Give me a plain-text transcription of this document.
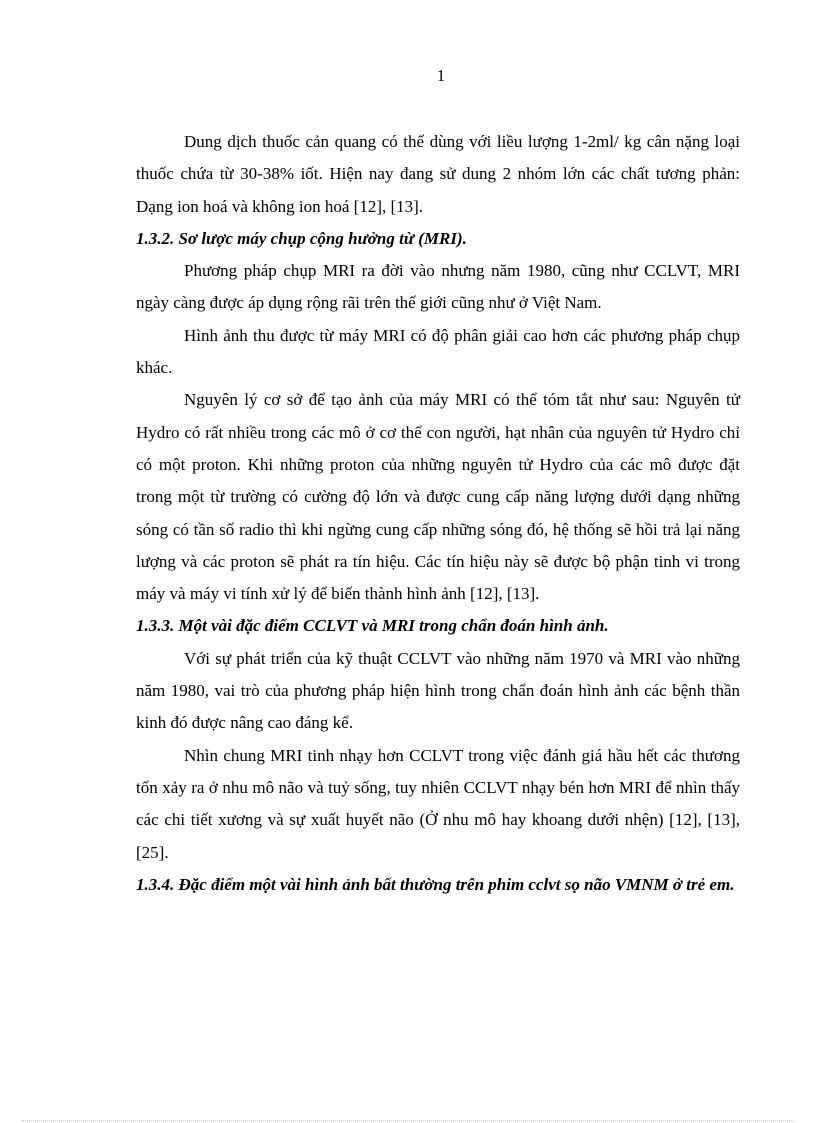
1

Dung dịch thuốc cản quang có thể dùng với liều lượng 1-2ml/ kg cân nặng loại thuốc chứa từ 30-38% iốt. Hiện nay đang sử dung 2 nhóm lớn các chất tương phản: Dạng ion hoá và không ion hoá [12], [13].

1.3.2. Sơ lược máy chụp cộng hưởng từ (MRI).

Phương pháp chụp MRI ra đời vào nhưng năm 1980, cũng như CCLVT, MRI ngày càng được áp dụng rộng rãi trên thế giới cũng như ở Việt Nam.

Hình ảnh thu được từ máy MRI có độ phân giải cao hơn các phương pháp chụp khác.

Nguyên lý cơ sở để tạo ảnh của máy MRI có thể tóm tắt như sau: Nguyên tử Hydro có rất nhiều trong các mô ở cơ thể con người, hạt nhân của nguyên tử Hydro chỉ có một proton. Khi những proton của những nguyên tử Hydro của các mô được đặt trong một từ trường có cường độ lớn và được cung cấp năng lượng dưới dạng những sóng có tần số radio thì khi ngừng cung cấp những sóng đó, hệ thống sẽ hồi trả lại năng lượng và các proton sẽ phát ra tín hiệu. Các tín hiệu này sẽ được bộ phận tinh vi trong máy và máy vi tính xử lý để biến thành hình ảnh [12], [13].

1.3.3. Một vài đặc điểm CCLVT và MRI trong chẩn đoán hình ảnh.

Với sự phát triển của kỹ thuật CCLVT vào những năm 1970 và MRI vào những năm 1980, vai trò của phương pháp hiện hình trong chẩn đoán hình ảnh các bệnh thần kinh đó được nâng cao đáng kể.

Nhìn chung MRI tinh nhạy hơn CCLVT trong việc đánh giá hầu hết các thương tổn xảy ra ở nhu mô não và tuỷ sống, tuy nhiên CCLVT nhạy bén hơn MRI để nhìn thấy các chi tiết xương và sự xuất huyết não (Ở nhu mô hay khoang dưới nhện) [12], [13], [25].

1.3.4. Đặc điểm một vài hình ảnh bất thường trên phim cclvt sọ não VMNM ở trẻ em.
